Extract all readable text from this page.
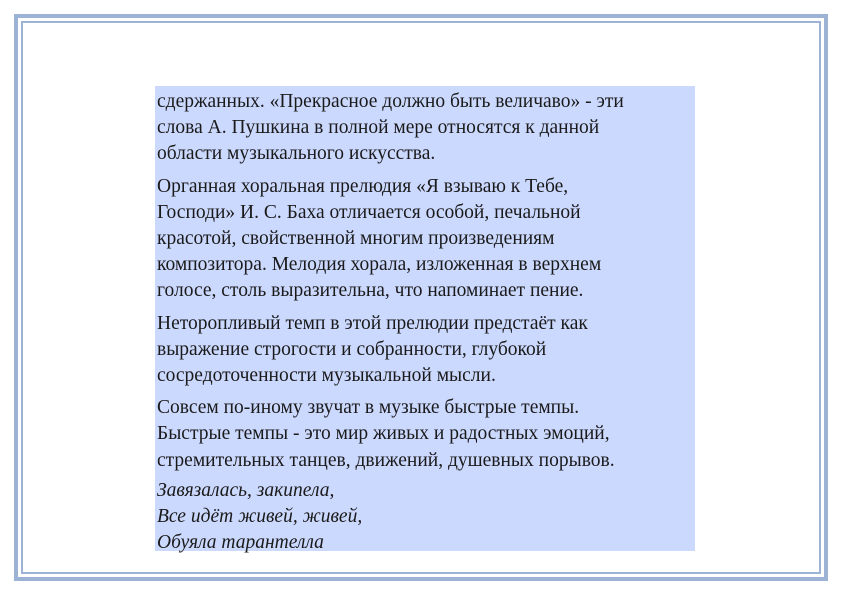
сдержанных. «Прекрасное должно быть величаво» - эти
слова А. Пушкина в полной мере относятся к данной
области музыкального искусства.

Органная хоральная прелюдия «Я взываю к Тебе,
Господи» И. С. Баха отличается особой, печальной
красотой, свойственной многим произведениям
композитора. Мелодия хорала, изложенная в верхнем
голосе, столь выразительна, что напоминает пение.

Неторопливый темп в этой прелюдии предстаёт как
выражение строгости и собранности, глубокой
сосредоточенности музыкальной мысли.

Совсем по-иному звучат в музыке быстрые темпы.
Быстрые темпы - это мир живых и радостных эмоций,
стремительных танцев, движений, душевных порывов.

Завязалась, закипела,
Все идёт живей, живей,
Обуяла тарантелла
